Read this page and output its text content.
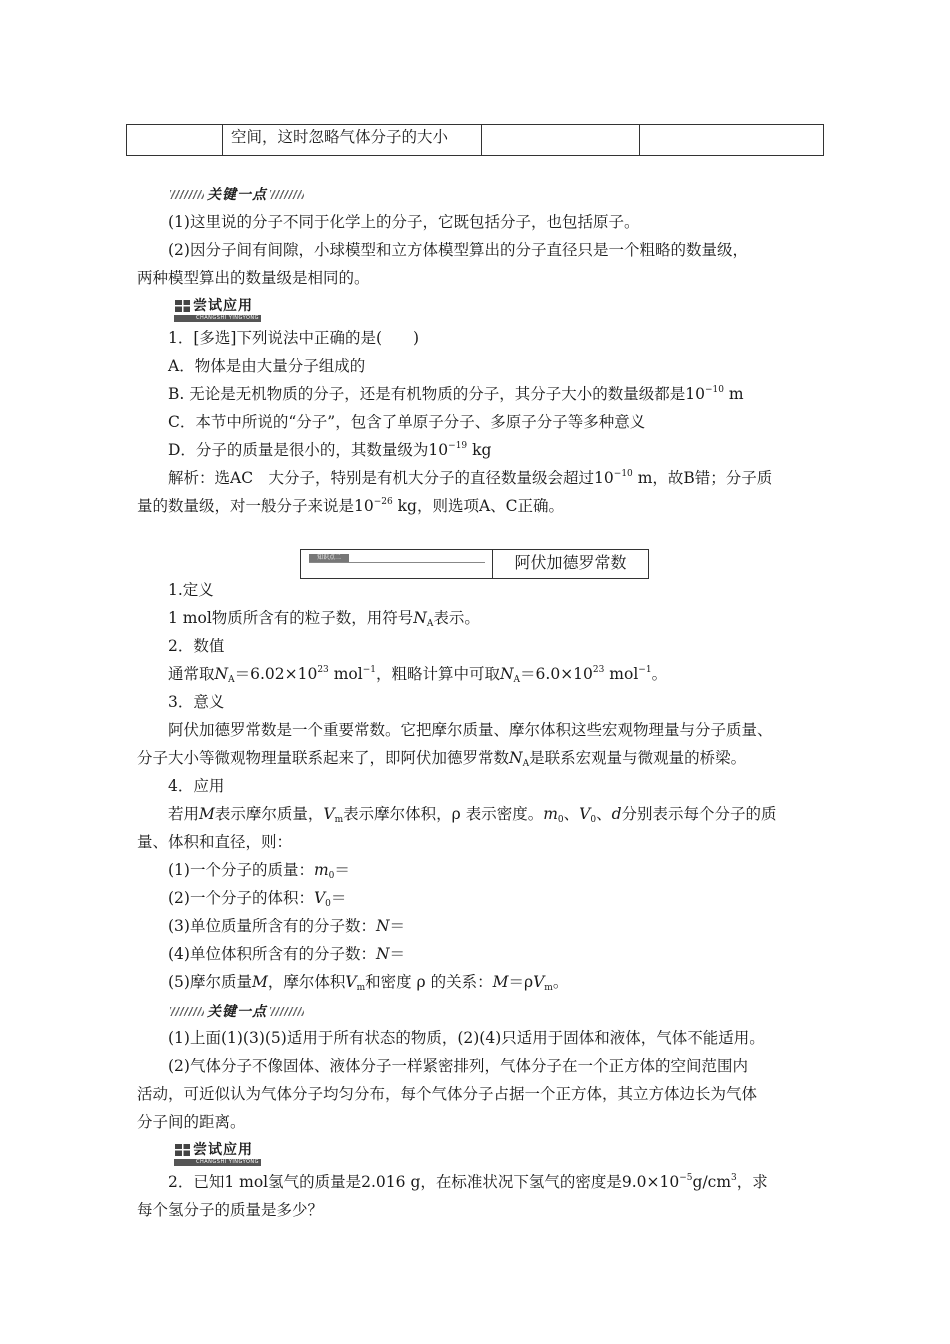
	空间，这时忽略气体分子的大小		
关键一点
(1)这里说的分子不同于化学上的分子，它既包括分子，也包括原子。
(2)因分子间有间隙，小球模型和立方体模型算出的分子直径只是一个粗略的数量级，
两种模型算出的数量级是相同的。
尝试应用
CHANGSHI YINGYONG
1．[多选]下列说法中正确的是(　　)
A．物体是由大量分子组成的
B. 无论是无机物质的分子，还是有机物质的分子，其分子大小的数量级都是$10^{-10}$ m
C．本节中所说的“分子”，包含了单原子分子、多原子分子等多种意义
D．分子的质量是很小的，其数量级为$10^{-19}$ kg
解析：选AC　大分子，特别是有机大分子的直径数量级会超过$10^{-10}$ m，故B错；分子质
量的数量级，对一般分子来说是$10^{-26}$ kg，则选项A、C正确。
知识点二	阿伏加德罗常数
1.定义
1 mol物质所含有的粒子数，用符号$N_A$表示。
2．数值
通常取$N_A=6.02\times 10^{23}$ mol$^{-1}$，粗略计算中可取$N_A=6.0\times 10^{23}$ mol$^{-1}$。
3．意义
阿伏加德罗常数是一个重要常数。它把摩尔质量、摩尔体积这些宏观物理量与分子质量、
分子大小等微观物理量联系起来了，即阿伏加德罗常数$N_A$是联系宏观量与微观量的桥梁。
4．应用
若用M表示摩尔质量，$V_m$表示摩尔体积，ρ 表示密度。$m_0$、$V_0$、d分别表示每个分子的质
量、体积和直径，则：
(1)一个分子的质量：$m_0=$
(2)一个分子的体积：$V_0=$
(3)单位质量所含有的分子数：N＝
(4)单位体积所含有的分子数：N＝
(5)摩尔质量M，摩尔体积$V_m$和密度 ρ 的关系：$M=\rho V_m$。
关键一点
(1)上面(1)(3)(5)适用于所有状态的物质，(2)(4)只适用于固体和液体，气体不能适用。
(2)气体分子不像固体、液体分子一样紧密排列，气体分子在一个正方体的空间范围内
活动，可近似认为气体分子均匀分布，每个气体分子占据一个正方体，其立方体边长为气体
分子间的距离。
尝试应用
CHANGSHI YINGYONG
2．已知1 mol氢气的质量是2.016 g，在标准状况下氢气的密度是$9.0\times 10^{-5}g/cm^3$，求
每个氢分子的质量是多少？
